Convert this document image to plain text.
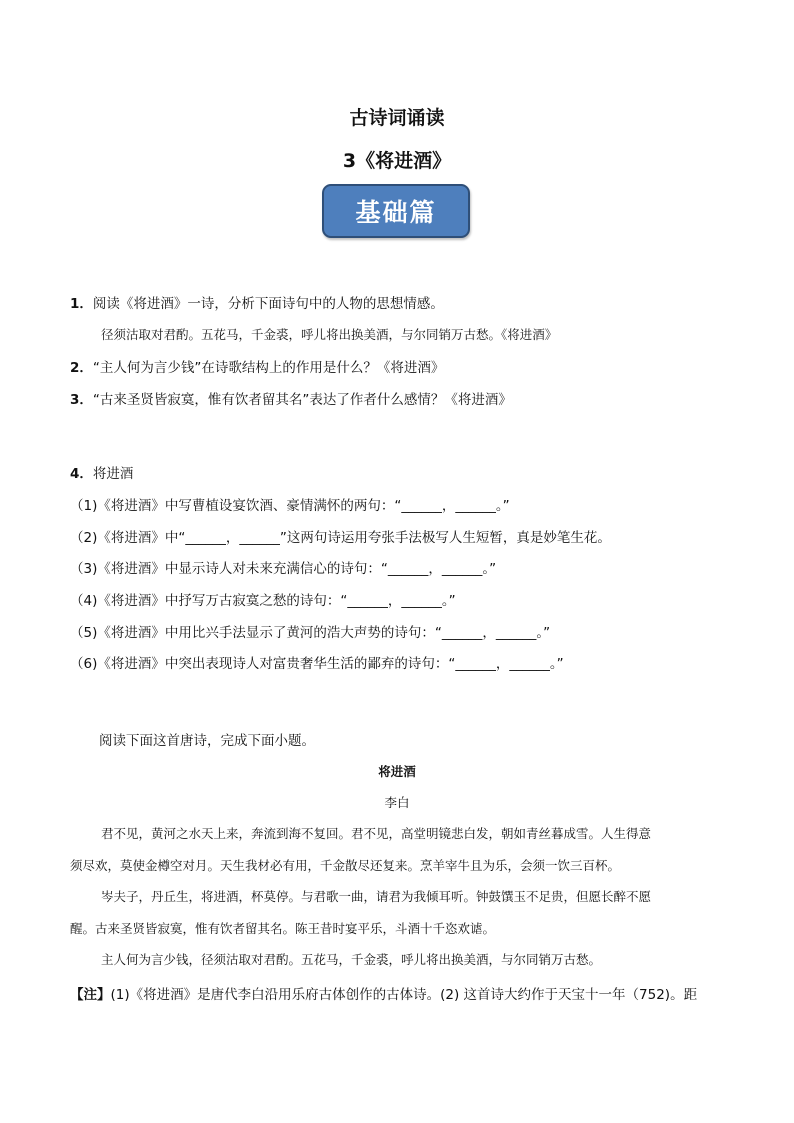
古诗词诵读
3《将进酒》
基础篇
1．阅读《将进酒》一诗，分析下面诗句中的人物的思想情感。
径须沽取对君酌。五花马，千金裘，呼儿将出换美酒，与尔同销万古愁。《将进酒》
2．“主人何为言少钱”在诗歌结构上的作用是什么？《将进酒》
3．“古来圣贤皆寂寞，惟有饮者留其名”表达了作者什么感情？《将进酒》
4．将进酒
（1)《将进酒》中写曹植设宴饮酒、豪情满怀的两句：“______，______。”
（2)《将进酒》中“______，______”这两句诗运用夸张手法极写人生短暂，真是妙笔生花。
（3)《将进酒》中显示诗人对未来充满信心的诗句：“______，______。”
（4)《将进酒》中抒写万古寂寞之愁的诗句：“______，______。”
（5)《将进酒》中用比兴手法显示了黄河的浩大声势的诗句：“______，______。”
（6)《将进酒》中突出表现诗人对富贵奢华生活的鄙弃的诗句：“______，______。”
阅读下面这首唐诗，完成下面小题。
将进酒
李白
君不见，黄河之水天上来，奔流到海不复回。君不见，高堂明镜悲白发，朝如青丝暮成雪。人生得意
须尽欢，莫使金樽空对月。天生我材必有用，千金散尽还复来。烹羊宰牛且为乐，会须一饮三百杯。
岑夫子，丹丘生，将进酒，杯莫停。与君歌一曲，请君为我倾耳听。钟鼓馔玉不足贵，但愿长醉不愿
醒。古来圣贤皆寂寞，惟有饮者留其名。陈王昔时宴平乐，斗酒十千恣欢谑。
主人何为言少钱，径须沽取对君酌。五花马，千金裘，呼儿将出换美酒，与尔同销万古愁。
【注】(1)《将进酒》是唐代李白沿用乐府古体创作的古体诗。(2) 这首诗大约作于天宝十一年（752)。距
